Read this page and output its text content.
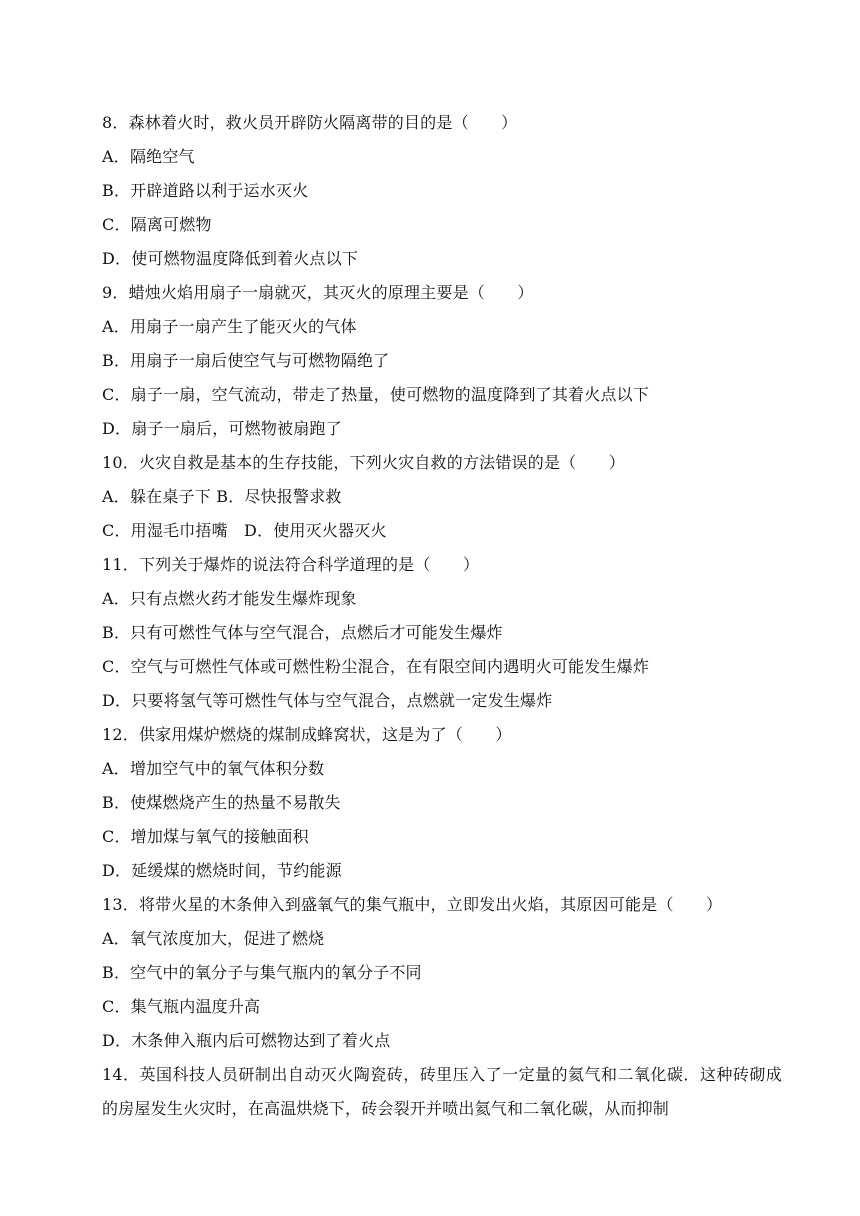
8．森林着火时，救火员开辟防火隔离带的目的是（　　）
A．隔绝空气
B．开辟道路以利于运水灭火
C．隔离可燃物
D．使可燃物温度降低到着火点以下
9．蜡烛火焰用扇子一扇就灭，其灭火的原理主要是（　　）
A．用扇子一扇产生了能灭火的气体
B．用扇子一扇后使空气与可燃物隔绝了
C．扇子一扇，空气流动，带走了热量，使可燃物的温度降到了其着火点以下
D．扇子一扇后，可燃物被扇跑了
10．火灾自救是基本的生存技能，下列火灾自救的方法错误的是（　　）
A．躲在桌子下 B．尽快报警求救
C．用湿毛巾捂嘴　D．使用灭火器灭火
11．下列关于爆炸的说法符合科学道理的是（　　）
A．只有点燃火药才能发生爆炸现象
B．只有可燃性气体与空气混合，点燃后才可能发生爆炸
C．空气与可燃性气体或可燃性粉尘混合，在有限空间内遇明火可能发生爆炸
D．只要将氢气等可燃性气体与空气混合，点燃就一定发生爆炸
12．供家用煤炉燃烧的煤制成蜂窝状，这是为了（　　）
A．增加空气中的氧气体积分数
B．使煤燃烧产生的热量不易散失
C．增加煤与氧气的接触面积
D．延缓煤的燃烧时间，节约能源
13．将带火星的木条伸入到盛氧气的集气瓶中，立即发出火焰，其原因可能是（　　）
A．氧气浓度加大，促进了燃烧
B．空气中的氧分子与集气瓶内的氧分子不同
C．集气瓶内温度升高
D．木条伸入瓶内后可燃物达到了着火点
14．英国科技人员研制出自动灭火陶瓷砖，砖里压入了一定量的氦气和二氧化碳．这种砖砌成的房屋发生火灾时，在高温烘烧下，砖会裂开并喷出氦气和二氧化碳，从而抑制
